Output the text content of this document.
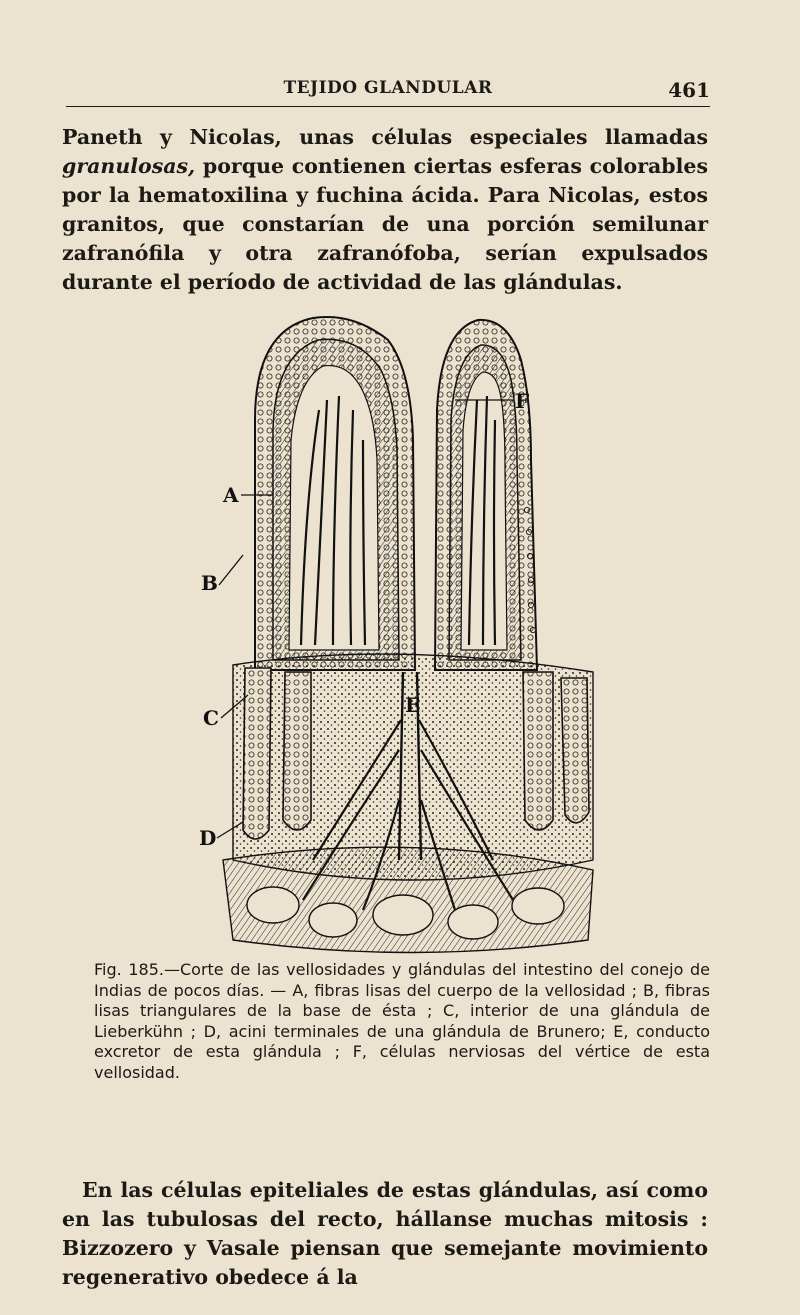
TEJIDO GLANDULAR	461

Paneth y Nicolas, unas células especiales llamadas granulosas, porque contienen ciertas esferas colorables por la hematoxilina y fuchina ácida. Para Nicolas, estos granitos, que constarían de una porción semilunar zafranófila y otra zafranófoba, serían expulsados durante el período de actividad de las glándulas.

A
B
C
D
E
F

Fig. 185.—Corte de las vellosidades y glándulas del intestino del conejo de Indias de pocos días. — A, fibras lisas del cuerpo de la vellosidad ; B, fibras lisas triangulares de la base de ésta ; C, interior de una glándula de Lieberkühn ; D, acini terminales de una glándula de Brunero; E, conducto excretor de esta glándula ; F, células nerviosas del vértice de esta vellosidad.

En las células epiteliales de estas glándulas, así como en las tubulosas del recto, hállanse muchas mitosis : Bizzozero y Vasale piensan que semejante movimiento regenerativo obedece á la
